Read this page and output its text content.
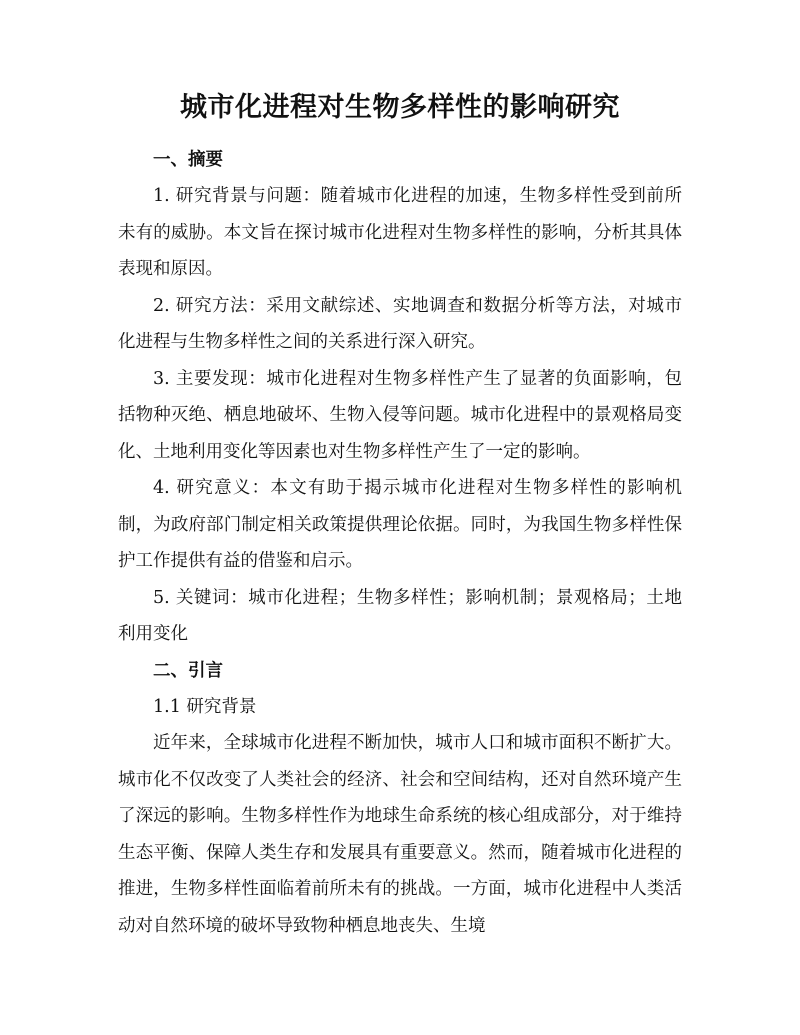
城市化进程对生物多样性的影响研究

一、摘要

1. 研究背景与问题：随着城市化进程的加速，生物多样性受到前所未有的威胁。本文旨在探讨城市化进程对生物多样性的影响，分析其具体表现和原因。

2. 研究方法：采用文献综述、实地调查和数据分析等方法，对城市化进程与生物多样性之间的关系进行深入研究。

3. 主要发现：城市化进程对生物多样性产生了显著的负面影响，包括物种灭绝、栖息地破坏、生物入侵等问题。城市化进程中的景观格局变化、土地利用变化等因素也对生物多样性产生了一定的影响。

4. 研究意义：本文有助于揭示城市化进程对生物多样性的影响机制，为政府部门制定相关政策提供理论依据。同时，为我国生物多样性保护工作提供有益的借鉴和启示。

5. 关键词：城市化进程；生物多样性；影响机制；景观格局；土地利用变化

二、引言

1.1 研究背景

近年来，全球城市化进程不断加快，城市人口和城市面积不断扩大。城市化不仅改变了人类社会的经济、社会和空间结构，还对自然环境产生了深远的影响。生物多样性作为地球生命系统的核心组成部分，对于维持生态平衡、保障人类生存和发展具有重要意义。然而，随着城市化进程的推进，生物多样性面临着前所未有的挑战。一方面，城市化进程中人类活动对自然环境的破坏导致物种栖息地丧失、生境
